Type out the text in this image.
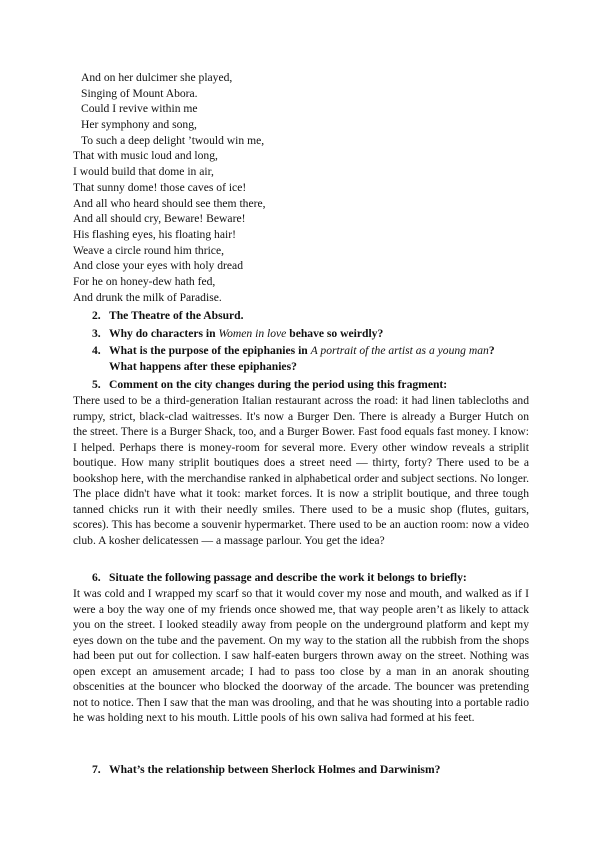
And on her dulcimer she played,
Singing of Mount Abora.
Could I revive within me
Her symphony and song,
To such a deep delight ’twould win me,
That with music loud and long,
I would build that dome in air,
That sunny dome! those caves of ice!
And all who heard should see them there,
And all should cry, Beware! Beware!
His flashing eyes, his floating hair!
Weave a circle round him thrice,
And close your eyes with holy dread
For he on honey-dew hath fed,
And drunk the milk of Paradise.
2. The Theatre of the Absurd.
3. Why do characters in Women in love behave so weirdly?
4. What is the purpose of the epiphanies in A portrait of the artist as a young man?
What happens after these epiphanies?
5. Comment on the city changes during the period using this fragment:
There used to be a third-generation Italian restaurant across the road: it had linen tablecloths and rumpy, strict, black-clad waitresses. It's now a Burger Den. There is already a Burger Hutch on the street. There is a Burger Shack, too, and a Burger Bower. Fast food equals fast money. I know: I helped. Perhaps there is money-room for several more. Every other window reveals a striplit boutique. How many striplit boutiques does a street need — thirty, forty? There used to be a bookshop here, with the merchandise ranked in alphabetical order and subject sections. No longer. The place didn't have what it took: market forces. It is now a striplit boutique, and three tough tanned chicks run it with their needly smiles. There used to be a music shop (flutes, guitars, scores). This has become a souvenir hypermarket. There used to be an auction room: now a video club. A kosher delicatessen — a massage parlour. You get the idea?
6. Situate the following passage and describe the work it belongs to briefly:
It was cold and I wrapped my scarf so that it would cover my nose and mouth, and walked as if I were a boy the way one of my friends once showed me, that way people aren’t as likely to attack you on the street. I looked steadily away from people on the underground platform and kept my eyes down on the tube and the pavement. On my way to the station all the rubbish from the shops had been put out for collection. I saw half-eaten burgers thrown away on the street. Nothing was open except an amusement arcade; I had to pass too close by a man in an anorak shouting obscenities at the bouncer who blocked the doorway of the arcade. The bouncer was pretending not to notice. Then I saw that the man was drooling, and that he was shouting into a portable radio he was holding next to his mouth. Little pools of his own saliva had formed at his feet.
7. What’s the relationship between Sherlock Holmes and Darwinism?
